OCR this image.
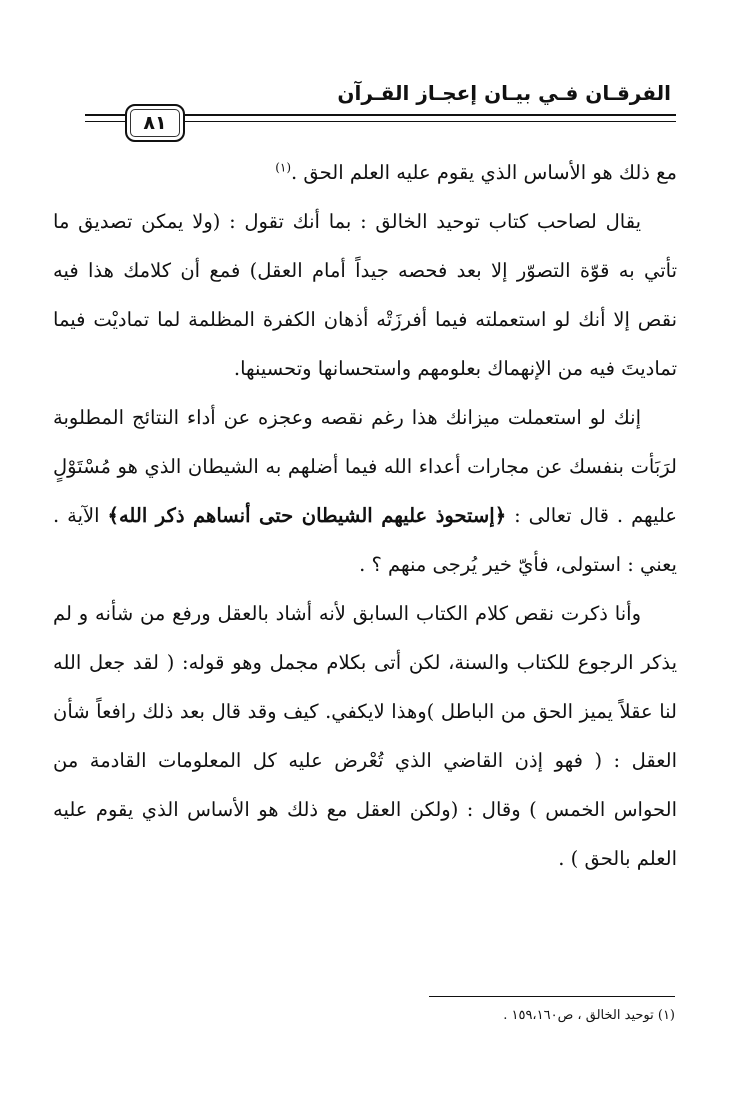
الفرقـان فـي بيـان إعجـاز القـرآن
٨١

مع ذلك هو الأساس الذي يقوم عليه العلم الحق .$^{(١)}$

يقال لصاحب كتاب توحيد الخالق : بما أنك تقول : (ولا يمكن تصديق ما تأتي به قوّة التصوّر إلا بعد فحصه جيداً أمام العقل) فمع أن كلامك هذا فيه نقص إلا أنك لو استعملته فيما أفرزَتْه أذهان الكفرة المظلمة لما تماديْت فيما تماديتَ فيه من الإنهماك بعلومهم واستحسانها وتحسينها.

إنك لو استعملت ميزانك هذا رغم نقصه وعجزه عن أداء النتائج المطلوبة لرَبَأت بنفسك عن مجارات أعداء الله فيما أضلهم به الشيطان الذي هو مُسْتَوْلٍ عليهم . قال تعالى : ﴿إستحوذ عليهم الشيطان حتى أنساهم ذكر الله﴾ الآية . يعني : استولى، فأيّ خير يُرجى منهم ؟ .

وأنا ذكرت نقص كلام الكتاب السابق لأنه أشاد بالعقل ورفع من شأنه و لم يذكر الرجوع للكتاب والسنة، لكن أتى بكلام مجمل وهو قوله: ( لقد جعل الله لنا عقلاً يميز الحق من الباطل )وهذا لايكفي. كيف وقد قال بعد ذلك رافعاً شأن العقل : ( فهو إذن القاضي الذي تُعْرض عليه كل المعلومات القادمة من الحواس الخمس ) وقال : (ولكن العقل مع ذلك هو الأساس الذي يقوم عليه العلم بالحق ) .

(١) توحيد الخالق ، ص١٥٩،١٦٠ .
